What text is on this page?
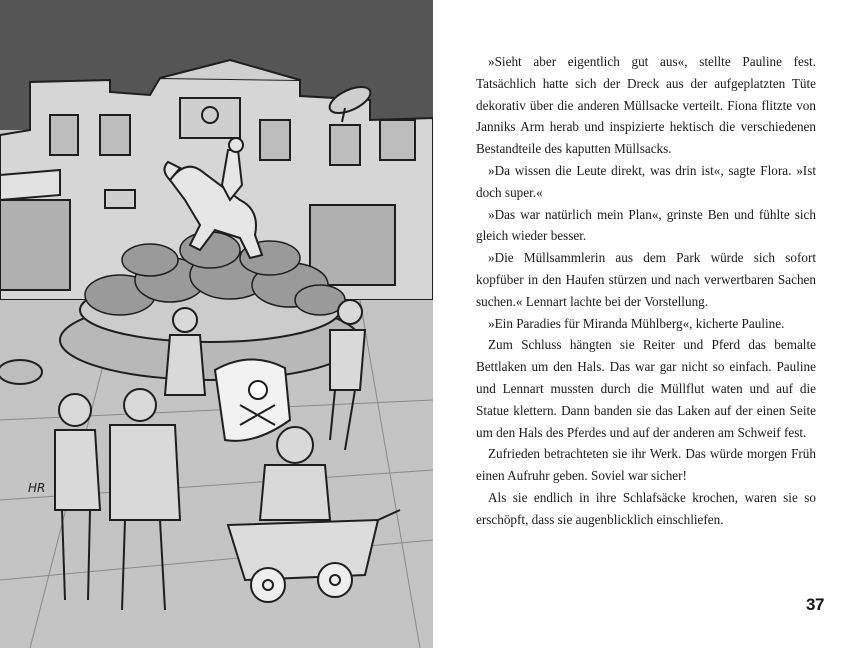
HR

»Sieht aber eigentlich gut aus«, stellte Pauline fest. Tatsächlich hatte sich der Dreck aus der aufgeplatzten Tüte dekorativ über die anderen Müllsacke verteilt. Fiona flitzte von Janniks Arm herab und inspizierte hektisch die verschiedenen Bestandteile des kaputten Müllsacks.

»Da wissen die Leute direkt, was drin ist«, sagte Flora. »Ist doch super.«

»Das war natürlich mein Plan«, grinste Ben und fühlte sich gleich wieder besser.

»Die Müllsammlerin aus dem Park würde sich sofort kopfüber in den Haufen stürzen und nach verwertbaren Sachen suchen.« Lennart lachte bei der Vorstellung.

»Ein Paradies für Miranda Mühlberg«, kicherte Pauline.

Zum Schluss hängten sie Reiter und Pferd das bemalte Bettlaken um den Hals. Das war gar nicht so einfach. Pauline und Lennart mussten durch die Müllflut waten und auf die Statue klettern. Dann banden sie das Laken auf der einen Seite um den Hals des Pferdes und auf der anderen am Schweif fest.

Zufrieden betrachteten sie ihr Werk. Das würde morgen Früh einen Aufruhr geben. Soviel war sicher!

Als sie endlich in ihre Schlafsäcke krochen, waren sie so erschöpft, dass sie augenblicklich einschliefen.

37
